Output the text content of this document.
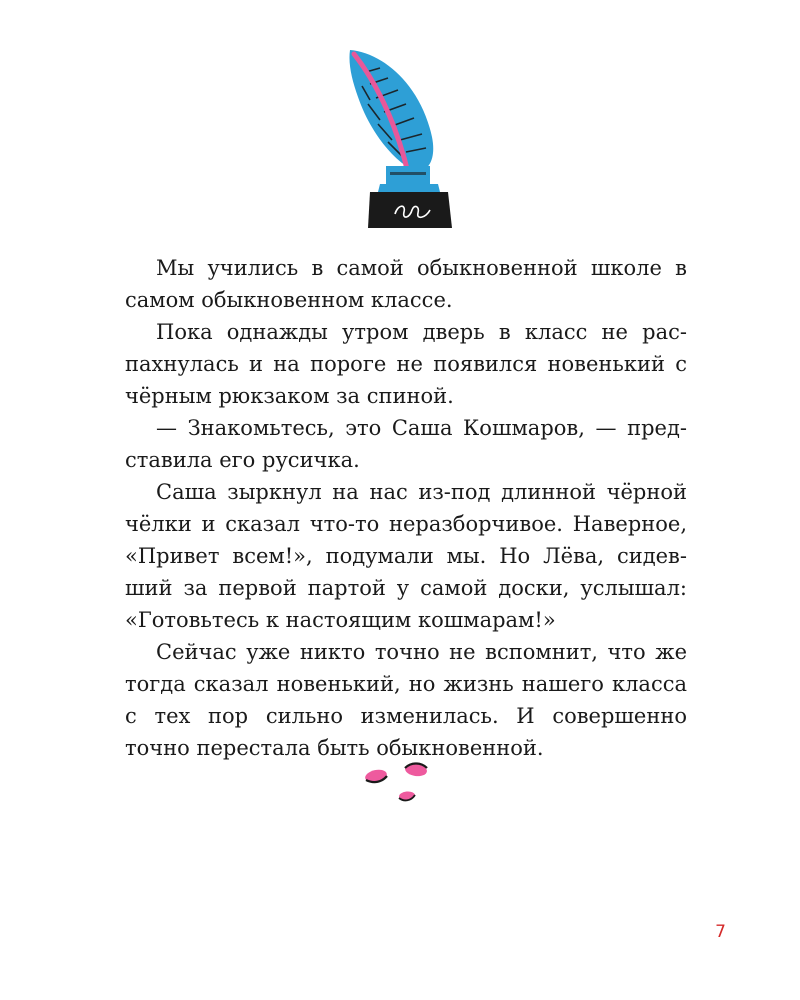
Мы учились в самой обыкновенной школе в самом обыкновенном классе.

Пока однажды утром дверь в класс не распахнулась и на пороге не появился новенький с чёрным рюкзаком за спиной.

— Знакомьтесь, это Саша Кошмаров, — представила его русичка.

Саша зыркнул на нас из-под длинной чёрной чёлки и сказал что-то неразборчивое. Наверное, «Привет всем!», подумали мы. Но Лёва, сидевший за первой партой у самой доски, услышал: «Готовьтесь к настоящим кошмарам!»

Сейчас уже никто точно не вспомнит, что же тогда сказал новенький, но жизнь нашего класса с тех пор сильно изменилась. И совершенно точно перестала быть обыкновенной.

7
